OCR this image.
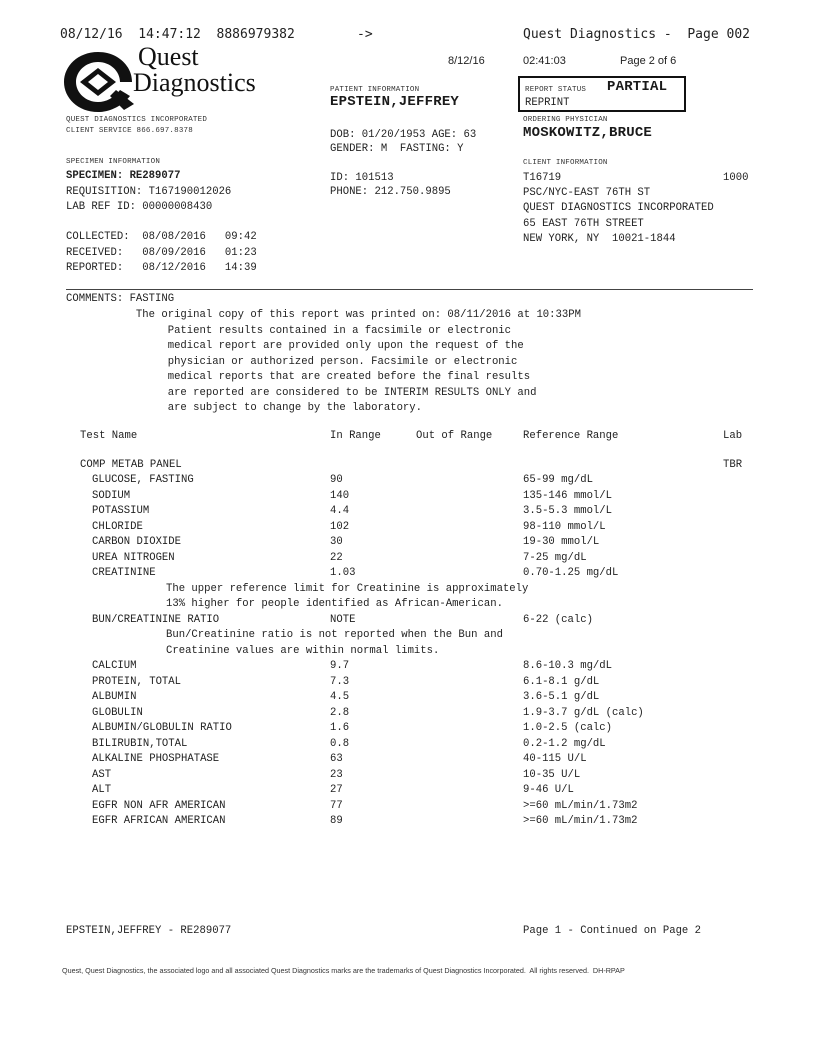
08/12/16  14:47:12  8886979382	->	Quest Diagnostics -  Page 002
Quest
Diagnostics
QUEST DIAGNOSTICS INCORPORATED
CLIENT SERVICE 866.697.8378
8/12/16	02:41:03	Page 2 of 6
PATIENT INFORMATION
EPSTEIN,JEFFREY
DOB: 01/20/1953 AGE: 63
GENDER: M  FASTING: Y
ID: 101513
PHONE: 212.750.9895
REPORT STATUS PARTIAL
REPRINT
ORDERING PHYSICIAN
MOSKOWITZ,BRUCE
SPECIMEN INFORMATION
SPECIMEN: RE289077
REQUISITION: T167190012026
LAB REF ID: 00000008430
COLLECTED:  08/08/2016   09:42
RECEIVED:   08/09/2016   01:23
REPORTED:   08/12/2016   14:39
CLIENT INFORMATION
T16719	1000
PSC/NYC-EAST 76TH ST
QUEST DIAGNOSTICS INCORPORATED
65 EAST 76TH STREET
NEW YORK, NY  10021-1844
COMMENTS: FASTING
The original copy of this report was printed on: 08/11/2016 at 10:33PM
Patient results contained in a facsimile or electronic
medical report are provided only upon the request of the
physician or authorized person. Facsimile or electronic
medical reports that are created before the final results
are reported are considered to be INTERIM RESULTS ONLY and
are subject to change by the laboratory.
Test Name	In Range	Out of Range	Reference Range	Lab
COMP METAB PANEL	TBR
GLUCOSE, FASTING	90	65-99 mg/dL
SODIUM	140	135-146 mmol/L
POTASSIUM	4.4	3.5-5.3 mmol/L
CHLORIDE	102	98-110 mmol/L
CARBON DIOXIDE	30	19-30 mmol/L
UREA NITROGEN	22	7-25 mg/dL
CREATININE	1.03	0.70-1.25 mg/dL
The upper reference limit for Creatinine is approximately
13% higher for people identified as African-American.
BUN/CREATININE RATIO	NOTE	6-22 (calc)
Bun/Creatinine ratio is not reported when the Bun and
Creatinine values are within normal limits.
CALCIUM	9.7	8.6-10.3 mg/dL
PROTEIN, TOTAL	7.3	6.1-8.1 g/dL
ALBUMIN	4.5	3.6-5.1 g/dL
GLOBULIN	2.8	1.9-3.7 g/dL (calc)
ALBUMIN/GLOBULIN RATIO	1.6	1.0-2.5 (calc)
BILIRUBIN,TOTAL	0.8	0.2-1.2 mg/dL
ALKALINE PHOSPHATASE	63	40-115 U/L
AST	23	10-35 U/L
ALT	27	9-46 U/L
EGFR NON AFR AMERICAN	77	>=60 mL/min/1.73m2
EGFR AFRICAN AMERICAN	89	>=60 mL/min/1.73m2
EPSTEIN,JEFFREY - RE289077	Page 1 - Continued on Page 2
Quest, Quest Diagnostics, the associated logo and all associated Quest Diagnostics marks are the trademarks of Quest Diagnostics Incorporated.  All rights reserved.  DH-RPAP
